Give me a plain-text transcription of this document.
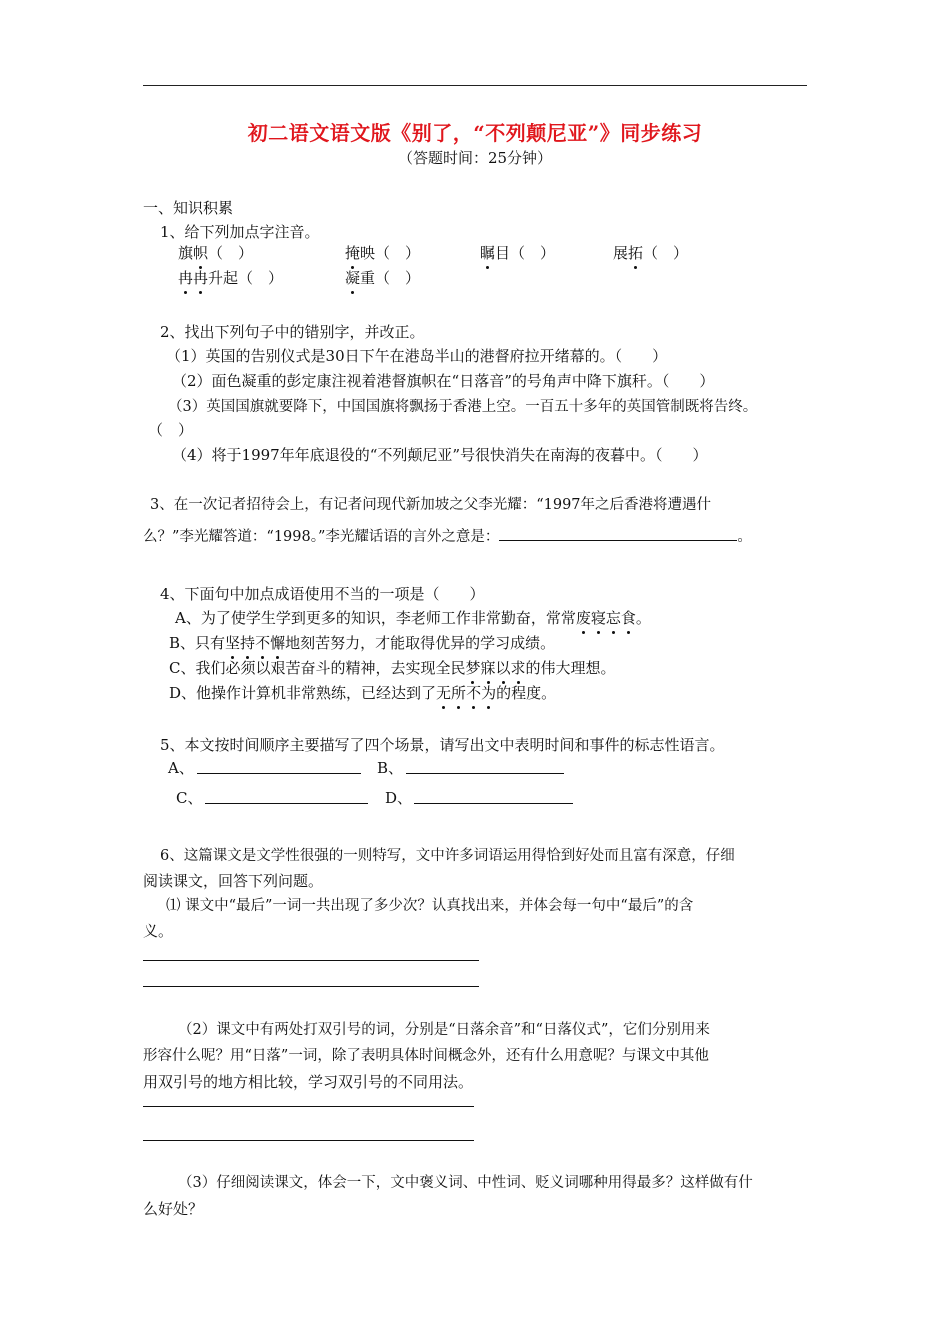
初二语文语文版《别了，“不列颠尼亚”》同步练习
（答题时间：25分钟）
一、知识积累
1、给下列加点字注音。
旗帜（　）	掩映（　）	瞩目（　）	展拓（　）
冉冉升起（　）	凝重（　）
2、找出下列句子中的错别字，并改正。
（1）英国的告别仪式是30日下午在港岛半山的港督府拉开绪幕的。（　　）
（2）面色凝重的彭定康注视着港督旗帜在“日落音”的号角声中降下旗秆。（　　）
（3）英国国旗就要降下，中国国旗将飘扬于香港上空。一百五十多年的英国管制既将告终。
（　）
（4）将于1997年年底退役的“不列颠尼亚”号很快消失在南海的夜暮中。（　　）
3、在一次记者招待会上，有记者问现代新加坡之父李光耀：“1997年之后香港将遭遇什
么？”李光耀答道：“1998。”李光耀话语的言外之意是：	。
4、下面句中加点成语使用不当的一项是（　　）
A、为了使学生学到更多的知识，李老师工作非常勤奋，常常废寝忘食。
B、只有坚持不懈地刻苦努力，才能取得优异的学习成绩。
C、我们必须以艰苦奋斗的精神，去实现全民梦寐以求的伟大理想。
D、他操作计算机非常熟练，已经达到了无所不为的程度。
5、本文按时间顺序主要描写了四个场景，请写出文中表明时间和事件的标志性语言。
A、	B、
C、	D、
6、这篇课文是文学性很强的一则特写，文中许多词语运用得恰到好处而且富有深意，仔细
阅读课文，回答下列问题。
⑴ 课文中“最后”一词一共出现了多少次？认真找出来，并体会每一句中“最后”的含
义。
（2）课文中有两处打双引号的词，分别是“日落余音”和“日落仪式”，它们分别用来
形容什么呢？用“日落”一词，除了表明具体时间概念外，还有什么用意呢？与课文中其他
用双引号的地方相比较，学习双引号的不同用法。
（3）仔细阅读课文，体会一下，文中褒义词、中性词、贬义词哪种用得最多？这样做有什
么好处？
